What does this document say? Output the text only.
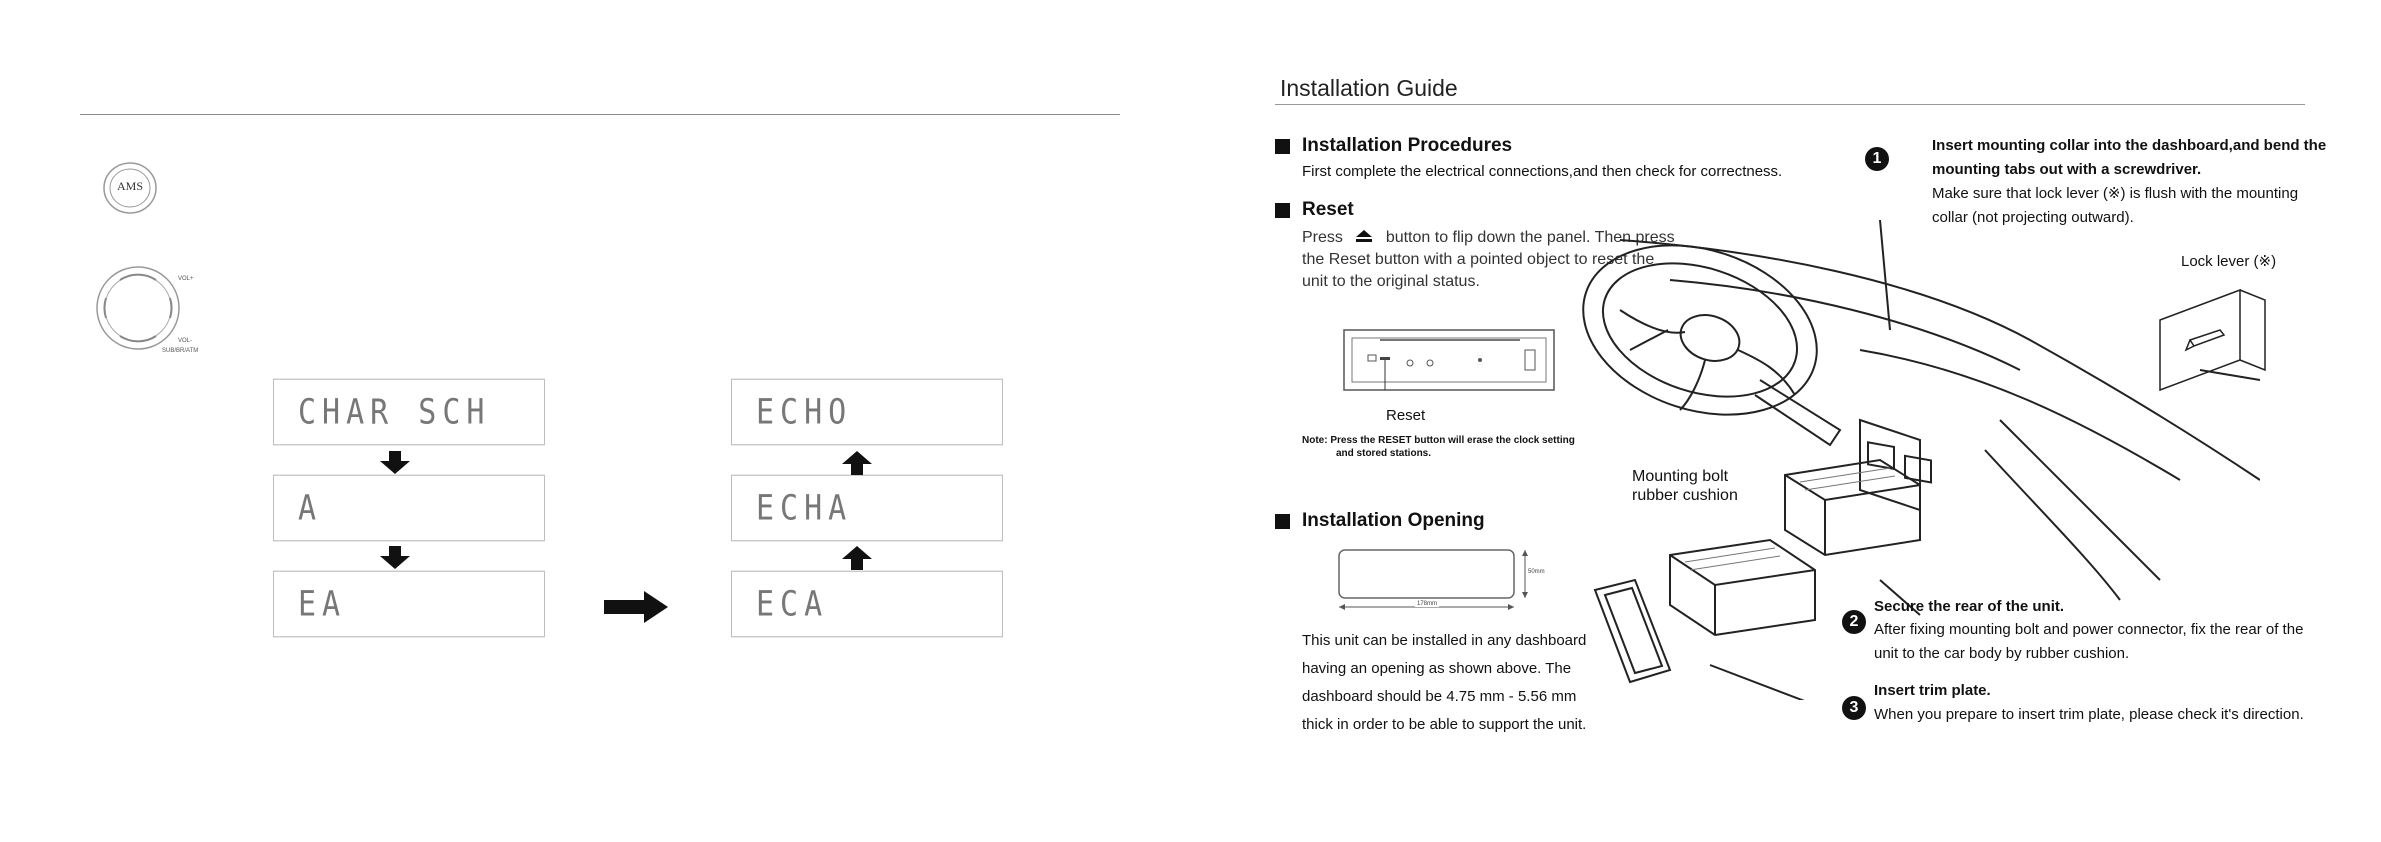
AMS
VOL+
VOL-
SUB/BR/ATM
CHAR SCH
A
EA
ECHO
ECHA
ECA
Installation Guide
Installation Procedures
First complete the electrical connections,and then check for correctness.
Reset
Press	button to flip down the panel. Then press
the Reset button with a pointed object to reset the
unit to the original status.
Reset
Note: Press the RESET button will erase the clock setting
and stored stations.
Installation Opening
178mm
50mm
This unit can be installed in any dashboard
having an opening as shown above. The
dashboard should be 4.75 mm - 5.56 mm
thick in order to be able to support the unit.
Lock lever (※)
Mounting bolt
rubber cushion
1
Insert mounting collar into the dashboard,and bend the
mounting tabs out with a screwdriver.
Make sure that lock lever (※) is flush with the mounting
collar (not projecting outward).
2
Secure the rear of the unit.
After fixing mounting bolt and power connector, fix the rear of the
unit to the car body by rubber cushion.
3
Insert trim plate.
When you prepare to insert trim plate, please check it's direction.
